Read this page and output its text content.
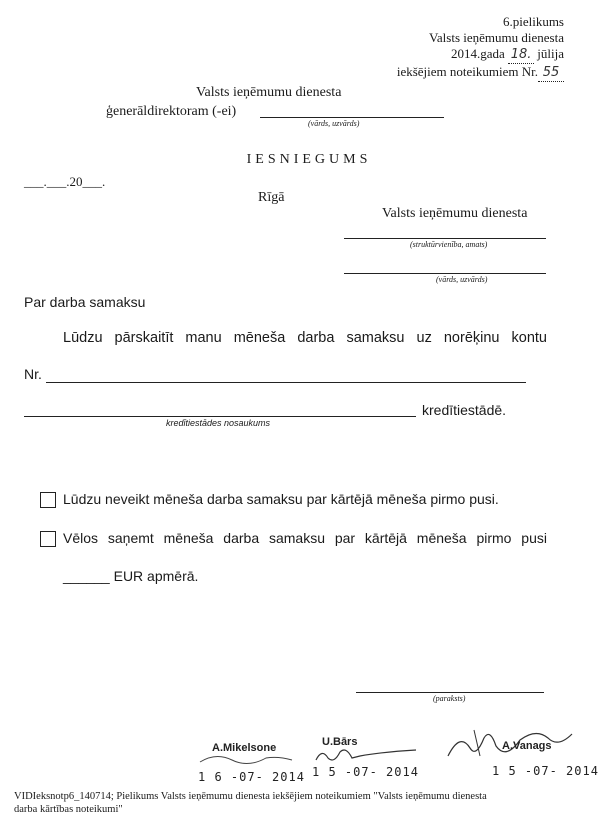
6.pielikums
Valsts ieņēmumu dienesta
2014.gada 18. jūlija
iekšējiem noteikumiem Nr. 55
Valsts ieņēmumu dienesta
ģenerāldirektoram (-ei)
(vārds, uzvārds)
IESNIEGUMS
___.___.20___.
Rīgā
Valsts ieņēmumu dienesta
(struktūrvienība, amats)
(vārds, uzvārds)
Par darba samaksu
Lūdzu pārskaitīt manu mēneša darba samaksu uz norēķinu kontu
Nr.
kredītiestādes nosaukums
kredītiestādē.
Lūdzu neveikt mēneša darba samaksu par kārtējā mēneša pirmo pusi.
Vēlos saņemt mēneša darba samaksu par kārtējā mēneša pirmo pusi
______ EUR apmērā.
(paraksts)
A.Mikelsone
1 6 -07- 2014
U.Bārs
1 5 -07- 2014
A.Vanags
1 5 -07- 2014
VIDIeksnotp6_140714; Pielikums Valsts ieņēmumu dienesta iekšējiem noteikumiem "Valsts ieņēmumu dienesta
darba kārtības noteikumi"
